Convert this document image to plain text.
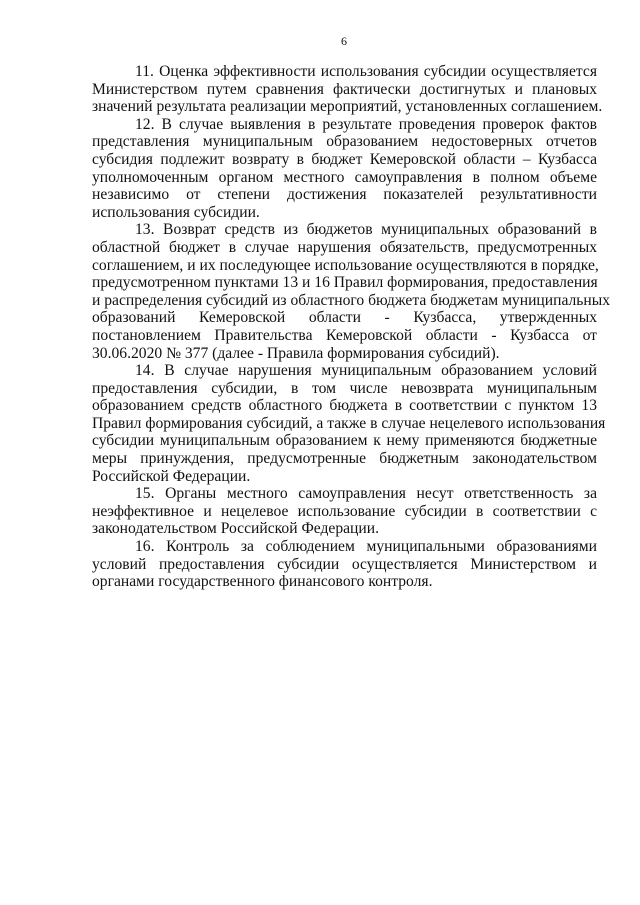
6
11. Оценка эффективности использования субсидии осуществляется
Министерством путем сравнения фактически достигнутых и плановых
значений результата реализации мероприятий, установленных соглашением.
12. В случае выявления в результате проведения проверок фактов
представления муниципальным образованием недостоверных отчетов
субсидия подлежит возврату в бюджет Кемеровской области – Кузбасса
уполномоченным органом местного самоуправления в полном объеме
независимо от степени достижения показателей результативности
использования субсидии.
13. Возврат средств из бюджетов муниципальных образований в
областной бюджет в случае нарушения обязательств, предусмотренных
соглашением, и их последующее использование осуществляются в порядке,
предусмотренном пунктами 13 и 16 Правил формирования, предоставления
и распределения субсидий из областного бюджета бюджетам муниципальных
образований Кемеровской области - Кузбасса, утвержденных
постановлением Правительства Кемеровской области - Кузбасса от
30.06.2020 № 377 (далее - Правила формирования субсидий).
14. В случае нарушения муниципальным образованием условий
предоставления субсидии, в том числе невозврата муниципальным
образованием средств областного бюджета в соответствии с пунктом 13
Правил формирования субсидий, а также в случае нецелевого использования
субсидии муниципальным образованием к нему применяются бюджетные
меры принуждения, предусмотренные бюджетным законодательством
Российской Федерации.
15. Органы местного самоуправления несут ответственность за
неэффективное и нецелевое использование субсидии в соответствии с
законодательством Российской Федерации.
16. Контроль за соблюдением муниципальными образованиями
условий предоставления субсидии осуществляется Министерством и
органами государственного финансового контроля.
